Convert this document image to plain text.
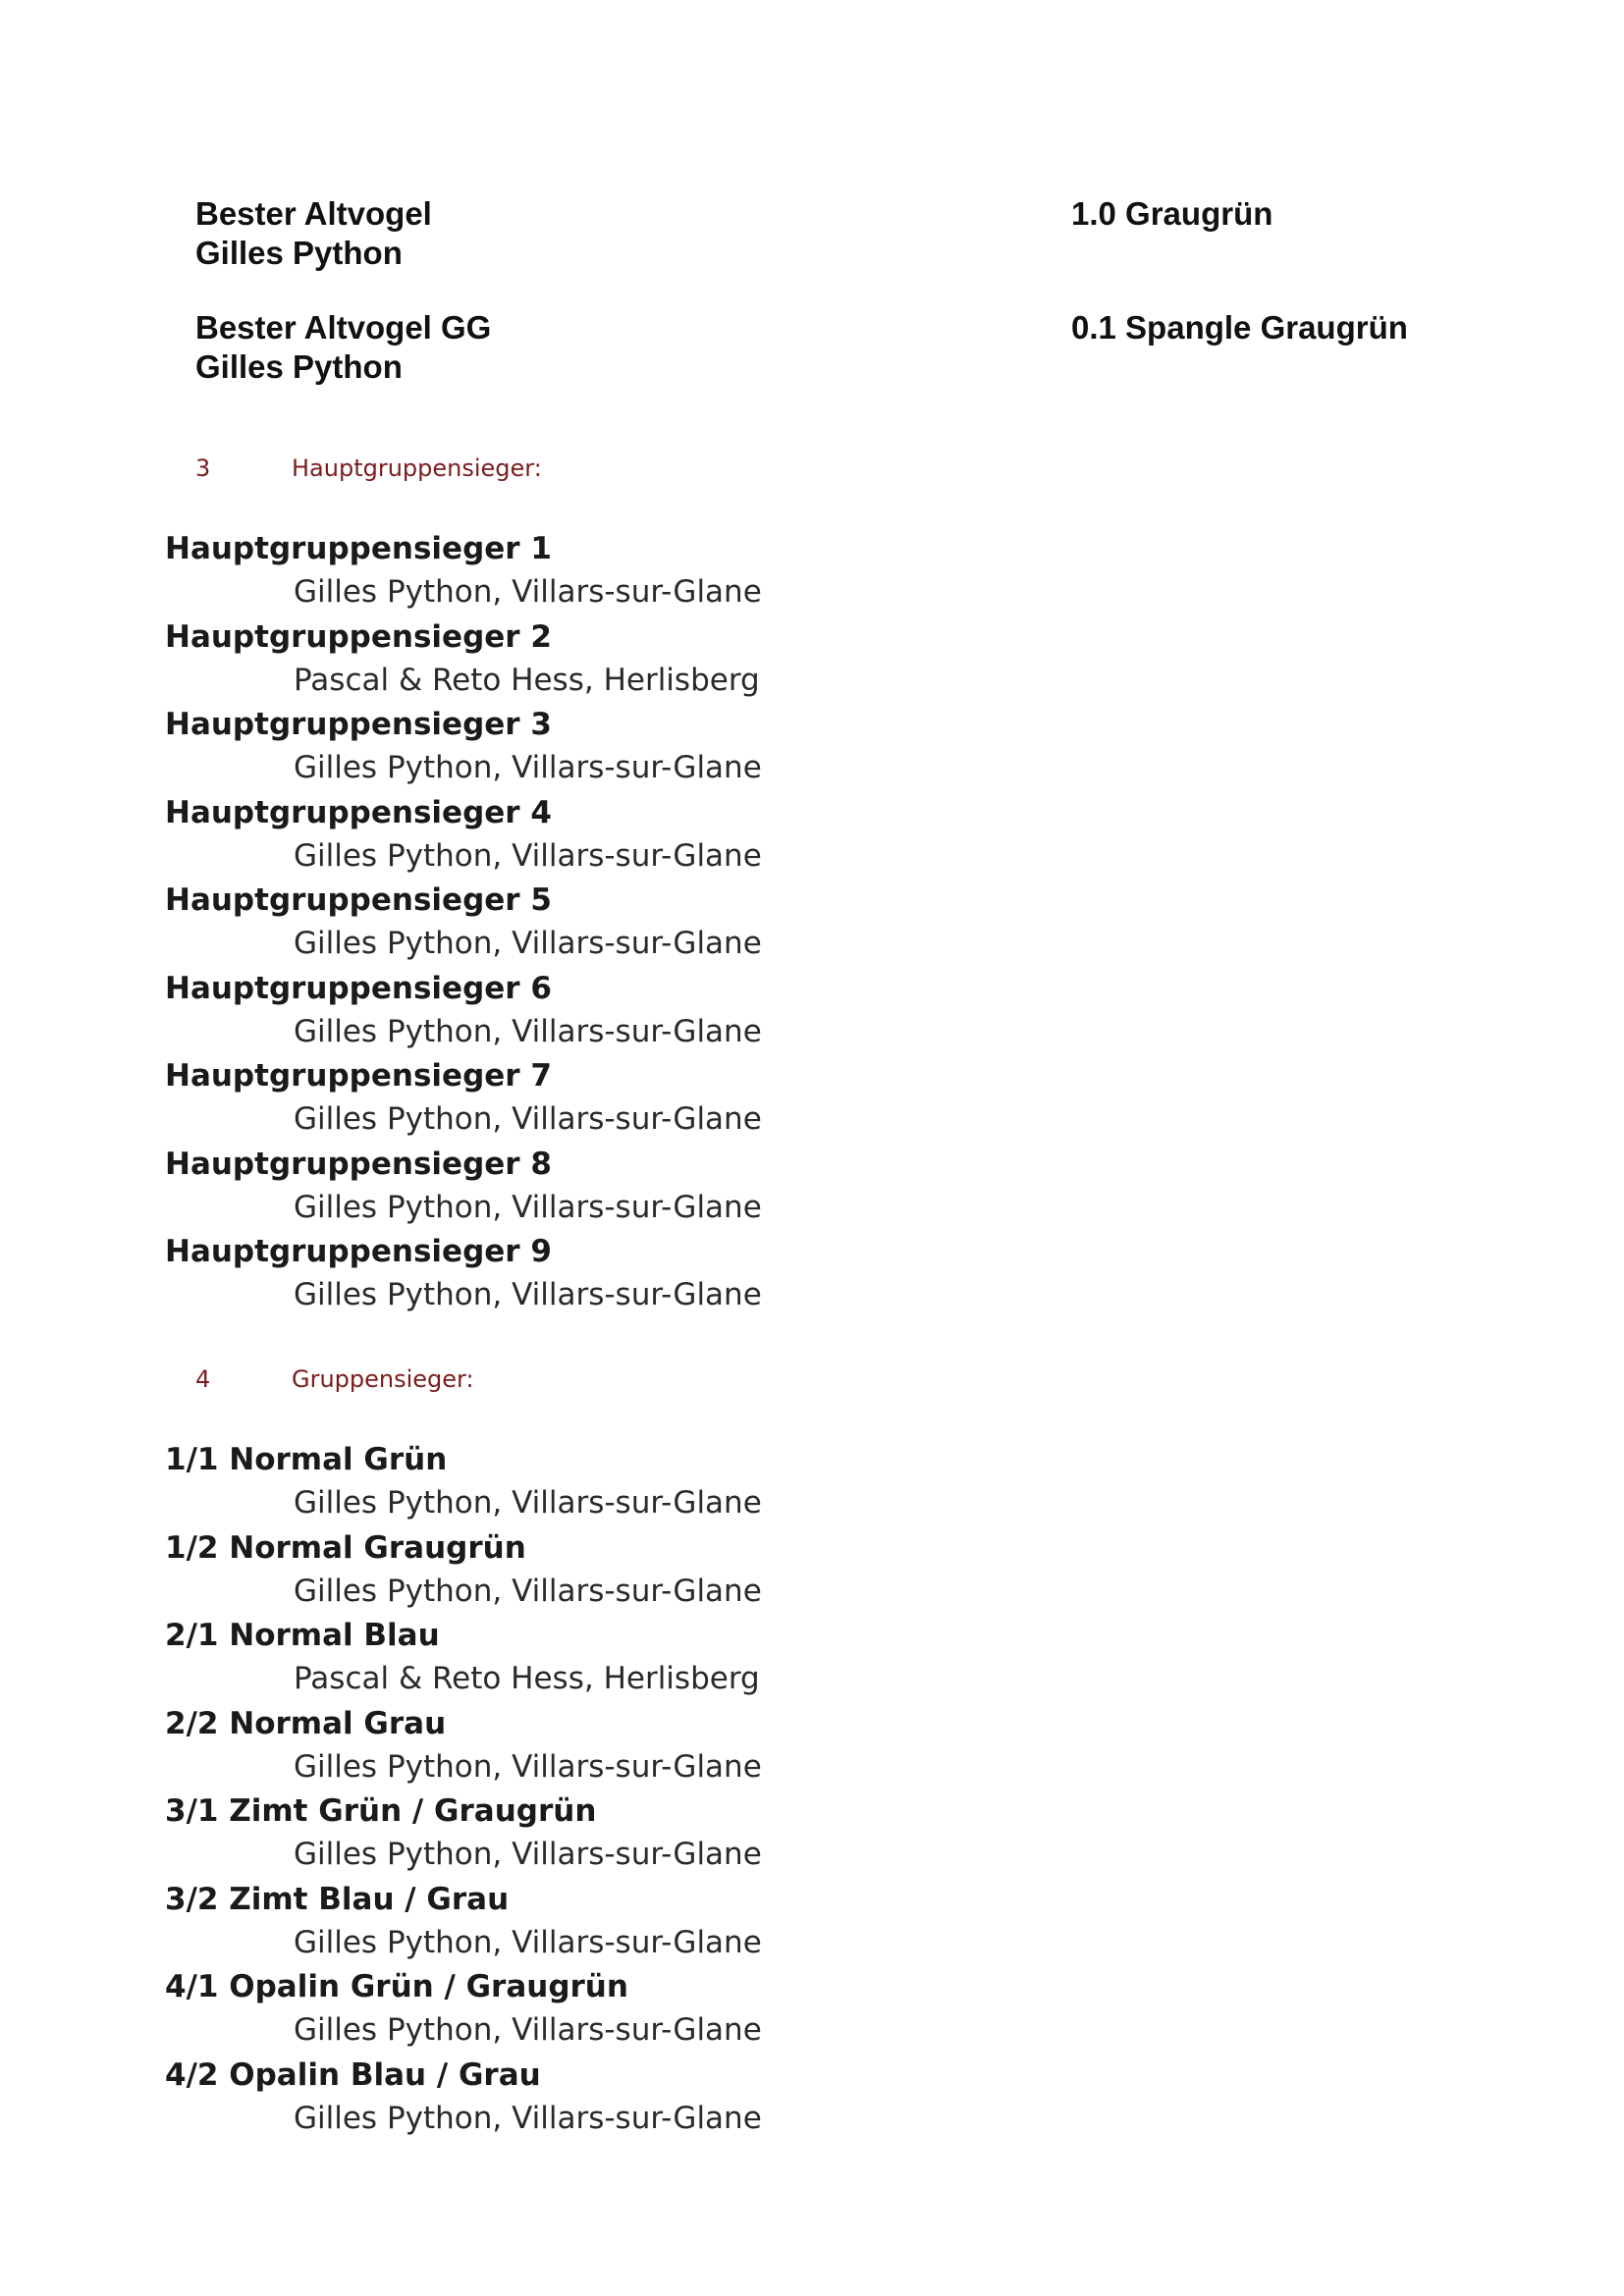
Bester Altvogel
Gilles Python
1.0 Graugrün
Bester Altvogel GG
Gilles Python
0.1 Spangle Graugrün
3	Hauptgruppensieger:
Hauptgruppensieger 1
Gilles Python, Villars-sur-Glane
Hauptgruppensieger 2
Pascal & Reto Hess, Herlisberg
Hauptgruppensieger 3
Gilles Python, Villars-sur-Glane
Hauptgruppensieger 4
Gilles Python, Villars-sur-Glane
Hauptgruppensieger 5
Gilles Python, Villars-sur-Glane
Hauptgruppensieger 6
Gilles Python, Villars-sur-Glane
Hauptgruppensieger 7
Gilles Python, Villars-sur-Glane
Hauptgruppensieger 8
Gilles Python, Villars-sur-Glane
Hauptgruppensieger 9
Gilles Python, Villars-sur-Glane
4	Gruppensieger:
1/1 Normal Grün
Gilles Python, Villars-sur-Glane
1/2 Normal Graugrün
Gilles Python, Villars-sur-Glane
2/1 Normal Blau
Pascal & Reto Hess, Herlisberg
2/2 Normal Grau
Gilles Python, Villars-sur-Glane
3/1 Zimt Grün / Graugrün
Gilles Python, Villars-sur-Glane
3/2 Zimt Blau / Grau
Gilles Python, Villars-sur-Glane
4/1 Opalin Grün / Graugrün
Gilles Python, Villars-sur-Glane
4/2 Opalin Blau / Grau
Gilles Python, Villars-sur-Glane
